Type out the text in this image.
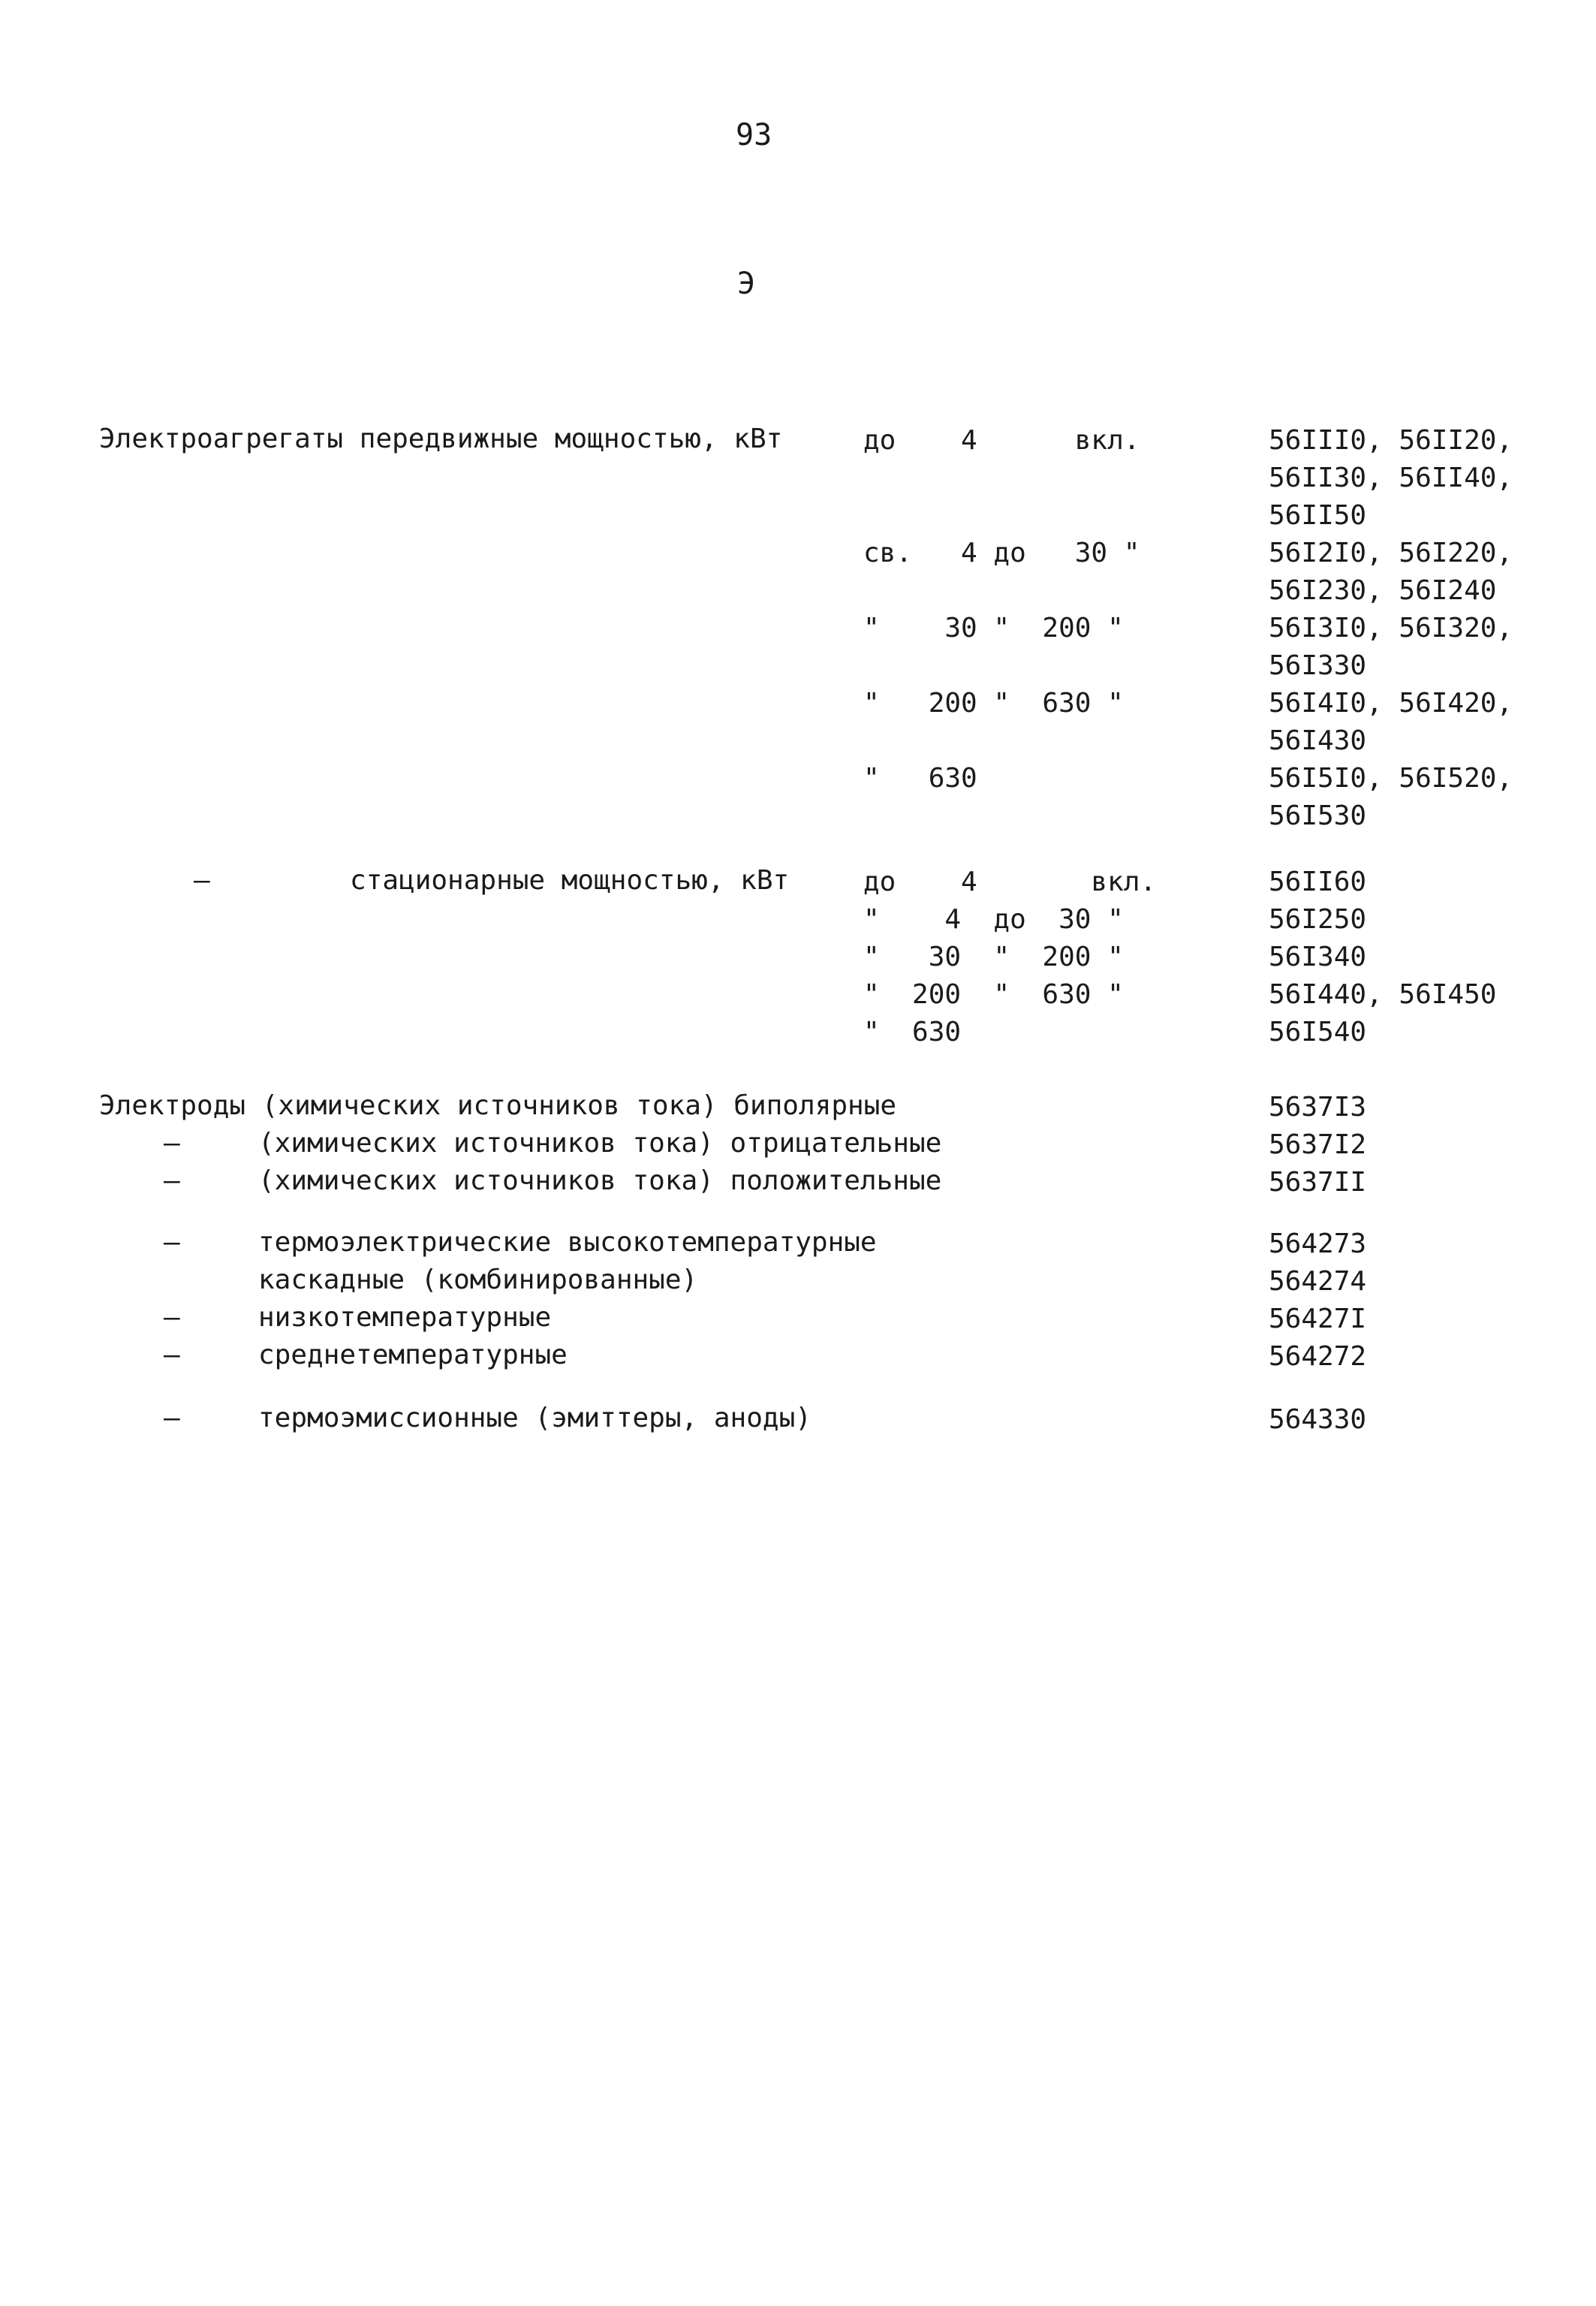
93
Э
Электроагрегаты передвижные мощностью, кВт	до    4      вкл.	56III0, 56II20,
56II30, 56II40,
56II50
св.   4 до   30 "	56I2I0, 56I220,
56I230, 56I240
"    30 "  200 "	56I3I0, 56I320,
56I330
"   200 "  630 "	56I4I0, 56I420,
56I430
"   630	56I5I0, 56I520,
56I530
–	стационарные мощностью, кВт	до    4       вкл.	56II60
"    4  до  30 "	56I250
"   30  "  200 "	56I340
"  200  "  630 "	56I440, 56I450
"  630	56I540
Электроды (химических источников тока) биполярные	5637I3
–	(химических источников тока) отрицательные	5637I2
–	(химических источников тока) положительные	5637II
–	термоэлектрические высокотемпературные	564273
каскадные (комбинированные)	564274
–	низкотемпературные	56427I
–	среднетемпературные	564272
–	термоэмиссионные (эмиттеры, аноды)	564330
